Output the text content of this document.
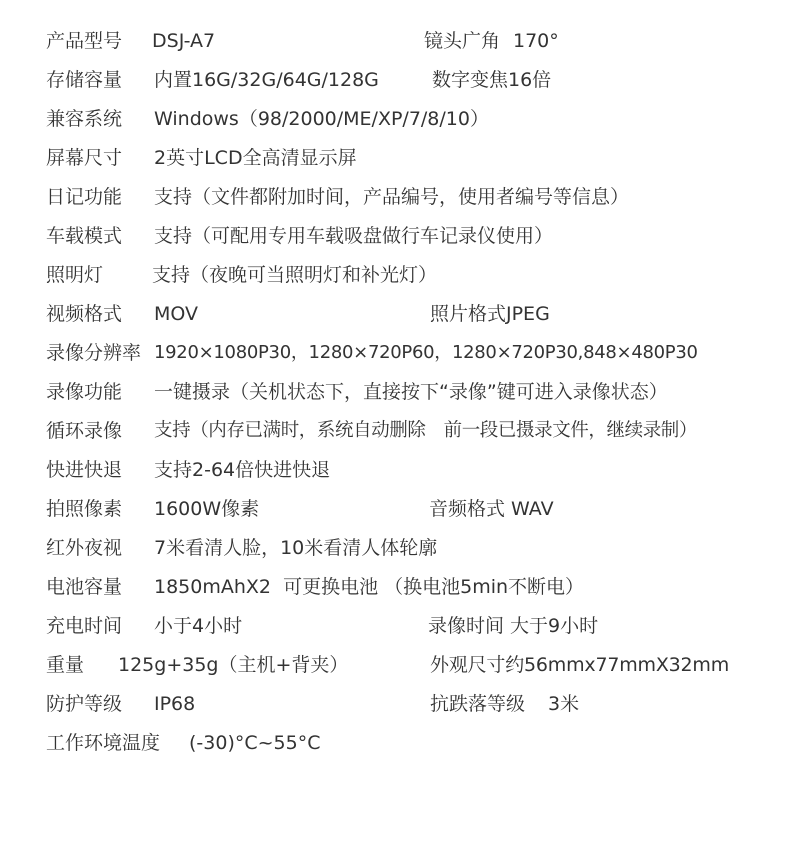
产品型号 DSJ-A7	镜头广角 170°
存储容量 内置16G/32G/64G/128G	数字变焦16倍
兼容系统 Windows（98/2000/ME/XP/7/8/10）
屏幕尺寸 2英寸LCD全高清显示屏
日记功能 支持（文件都附加时间，产品编号，使用者编号等信息）
车载模式 支持（可配用专用车载吸盘做行车记录仪使用）
照明灯	支持（夜晚可当照明灯和补光灯）
视频格式 MOV	照片格式JPEG
录像分辨率 1920×1080P30，1280×720P60，1280×720P30,848×480P30
录像功能 一键摄录（关机状态下，直接按下“录像”键可进入录像状态）
循环录像 支持（内存已满时，系统自动删除　前一段已摄录文件，继续录制）
快进快退 支持2-64倍快进快退
拍照像素 1600W像素	音频格式 WAV
红外夜视 7米看清人脸，10米看清人体轮廓
电池容量 1850mAhX2  可更换电池 （换电池5min不断电）
充电时间 小于4小时	录像时间 大于9小时
重量 125g+35g（主机+背夹）	外观尺寸约56mmx77mmX32mm
防护等级 IP68	抗跌落等级 3米
工作环境温度 (-30)°C~55°C
